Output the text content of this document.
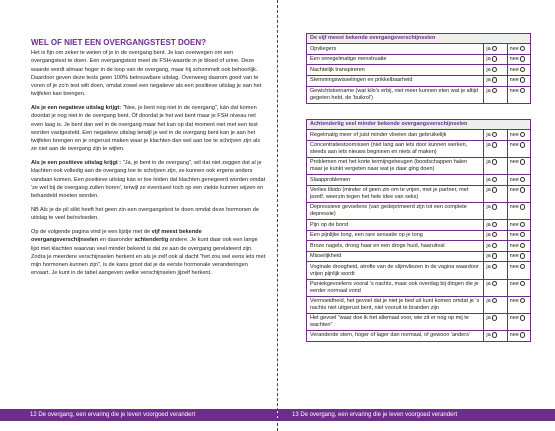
WEL OF NIET EEN OVERGANGSTEST DOEN?

Het is fijn om zeker te weten of je in de overgang bent. Je kan overwegen om een overgangstest te doen. Een overgangstest meet de FSH-waarde in je bloed of urine. Deze waarde wordt almaar hoger in de loop van de overgang, maar hij schommelt ook behoorlijk. Daardoor geven deze tests geen 100% betrouwbare uitslag. Overweeg daarom goed van te voren of je zo'n test wilt doen, omdat zowel een negatieve als een positieve uitslag je aan het twijfelen kan brengen.

Als je een negatieve uitslag krijgt: "Nee, je bent nog niet in de overgang", kán dat komen doordat je nog niet in de overgang bent. Óf doordat je het wel bent maar je FSH niveau net even laag is. Je bent dan wel in de overgang maar het kan op dat moment niet met een test worden vastgesteld. Een negatieve uitslag terwijl je wel in de overgang bent kan je aan het twijfelen brengen en je ongerust maken waar je klachten dan wel aan toe te schrijven zijn als ze niet aan de overgang zijn te wijten.

Als je een positieve uitslag krijgt : "Ja, je bent in de overgang", wil dat niet zeggen dat al je klachten ook volledig aan de overgang toe te schrijven zijn, ze kunnen ook ergens anders vandaan komen. Een positieve uitslag kán er toe leiden dat klachten genegeerd worden omdat 'ze wel bij de overgang zullen horen', terwijl ze eventueel toch op een ziekte kunnen wijzen en behandeld moeten worden.

NB Als je de pil slikt heeft het geen zin een overgangstest te doen omdat deze hormonen de uitslag te veel beïnvloeden.

Op de volgende pagina vind je een lijstje met de vijf meest bekende overgangsverschijnselen en daaronder achtendertig andere. Je kunt daar ook een lange lijst met klachten waarvan veel minder bekend is dat ze aan de overgang gerelateerd zijn. Zodra je meerdere verschijnselen herkent en als je zelf ook al dacht "het zou wel eens iets met mijn hormonen kunnen zijn", is de kans groot dat je de eerste hormonale veranderingen ervaart. Je kunt in de tabel aangeven welke verschijnselen jijzelf herkent.

12 De overgang, een ervaring die je leven voorgoed verandert
De vijf meest bekende overgangsverschijnselen		
Opvliegers	ja	nee
Een onregelmatige menstruatie	ja	nee
Nachtelijk transpireren	ja	nee
Stemmingswisselingen en prikkelbaarheid	ja	nee
Gewichtstoename (wat kilo's erbij, niet meer kunnen eten wat je altijd gegeten hebt, de 'buikrol')	ja	nee
Achtendertig veel minder bekende overgangsverschijnselen		
Regelmatig meer of juist minder vloeien dan gebruikelijk	ja	nee
Concentratiestoornissen (niet lang aan iets door kunnen werken, steeds aan iets nieuws beginnen en niets af maken)	ja	nee
Problemen met het korte termijngeheugen (boodschappen halen maar je kunkt vergeten naar wat je daar ging doen)	ja	nee
Slaapproblemen	ja	nee
Verlies libido (minder of geen zin om te vrijen, met je partner, met jezelf, weerzin tegen het hele idee van seks)	ja	nee
Depressieve gevoelens (van gedeprimeerd zijn tot een complete depressie)	ja	nee
Pijn op de borst	ja	nee
Een pijnlijke tong, een rare sensatie op je tong	ja	nee
Broze nagels, droog haar en een droge huid, haaruitval	ja	nee
Misselijkheid	ja	nee
Voginale droogheid, atrofie van de slijmvliezen in de vagina waardoor vrijen pijnlijk wordt	ja	nee
Paniekgevoelens vooral 's nachts, maar ook overdag bij dingen die je eerder normaal vond	ja	nee
Vermoeidheid, het gevoel dat je niet je bed uit kunt komen omdat je 's nachts niet uitgerust bent, niet vooruit te branden zijn	ja	nee
Het gevoel "waar doe ik het allemaal voor, wie zit er nog op mij te wachten"	ja	nee
Veranderde stem, hoger of lager dan normaal, of gewoon 'anders'	ja	nee
13 De overgang, een ervaring die je leven voorgoed verandert
